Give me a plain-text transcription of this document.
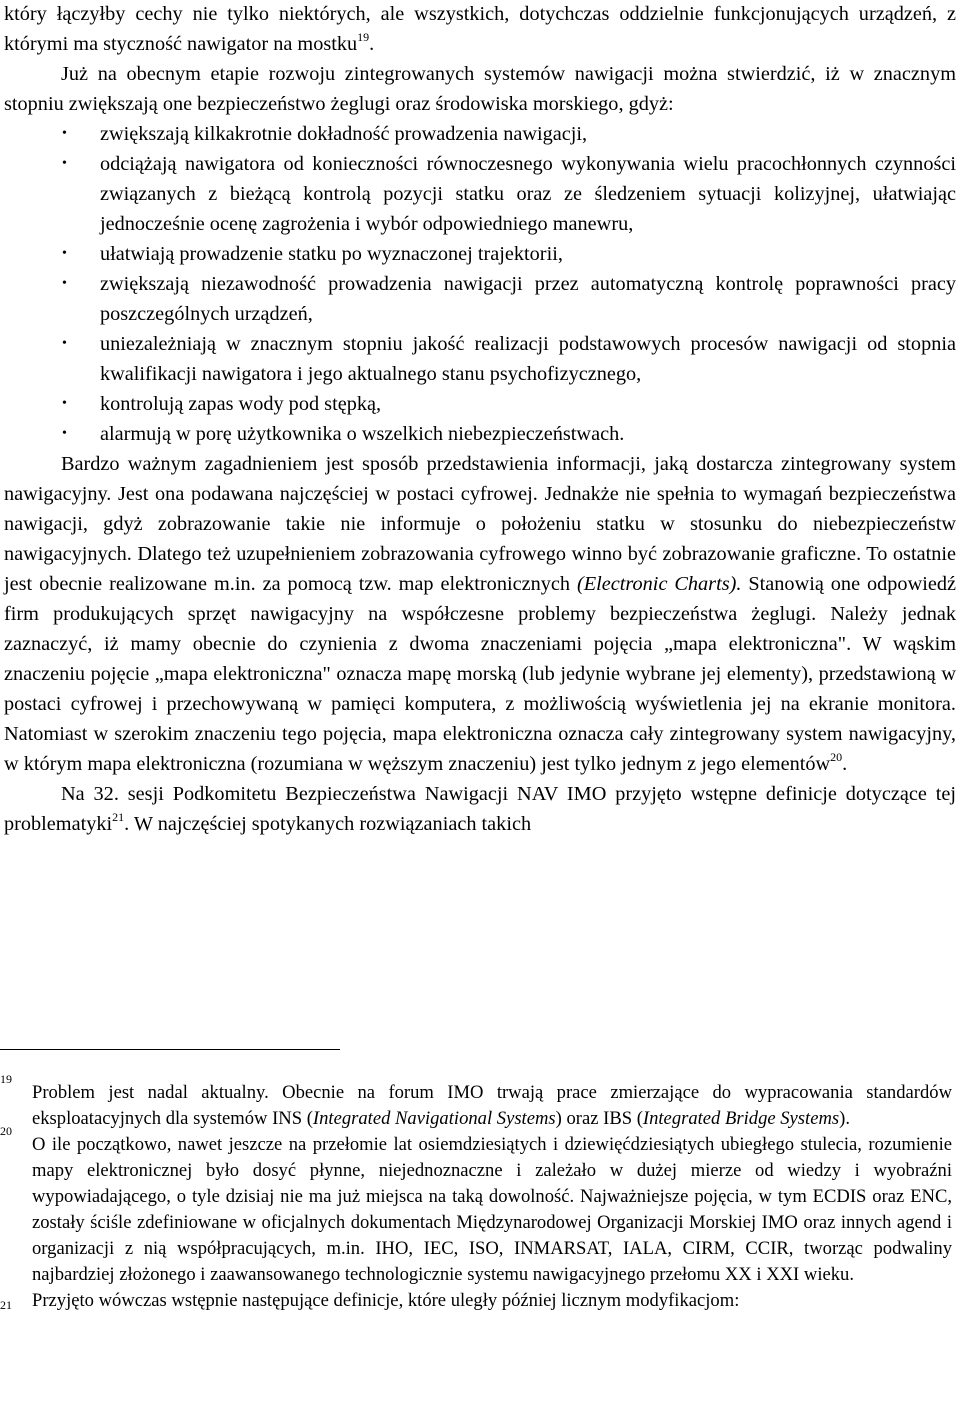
który łączyłby cechy nie tylko niektórych, ale wszystkich, dotychczas oddzielnie funkcjonujących urządzeń, z którymi ma styczność nawigator na mostku$^{19}$.

Już na obecnym etapie rozwoju zintegrowanych systemów nawigacji można stwierdzić, iż w znacznym stopniu zwiększają one bezpieczeństwo żeglugi oraz środowiska morskiego, gdyż:

• zwiększają kilkakrotnie dokładność prowadzenia nawigacji,
• odciążają nawigatora od konieczności równoczesnego wykonywania wielu pracochłonnych czynności związanych z bieżącą kontrolą pozycji statku oraz ze śledzeniem sytuacji kolizyjnej, ułatwiając jednocześnie ocenę zagrożenia i wybór odpowiedniego manewru,
• ułatwiają prowadzenie statku po wyznaczonej trajektorii,
• zwiększają niezawodność prowadzenia nawigacji przez automatyczną kontrolę poprawności pracy poszczególnych urządzeń,
• uniezależniają w znacznym stopniu jakość realizacji podstawowych procesów nawigacji od stopnia kwalifikacji nawigatora i jego aktualnego stanu psychofizycznego,
• kontrolują zapas wody pod stępką,
• alarmują w porę użytkownika o wszelkich niebezpieczeństwach.

Bardzo ważnym zagadnieniem jest sposób przedstawienia informacji, jaką dostarcza zintegrowany system nawigacyjny. Jest ona podawana najczęściej w postaci cyfrowej. Jednakże nie spełnia to wymagań bezpieczeństwa nawigacji, gdyż zobrazowanie takie nie informuje o położeniu statku w stosunku do niebezpieczeństw nawigacyjnych. Dlatego też uzupełnieniem zobrazowania cyfrowego winno być zobrazowanie graficzne. To ostatnie jest obecnie realizowane m.in. za pomocą tzw. map elektronicznych (Electronic Charts). Stanowią one odpowiedź firm produkujących sprzęt nawigacyjny na współczesne problemy bezpieczeństwa żeglugi. Należy jednak zaznaczyć, iż mamy obecnie do czynienia z dwoma znaczeniami pojęcia „mapa elektroniczna". W wąskim znaczeniu pojęcie „mapa elektroniczna" oznacza mapę morską (lub jedynie wybrane jej elementy), przedstawioną w postaci cyfrowej i przechowywaną w pamięci komputera, z możliwością wyświetlenia jej na ekranie monitora. Natomiast w szerokim znaczeniu tego pojęcia, mapa elektroniczna oznacza cały zintegrowany system nawigacyjny, w którym mapa elektroniczna (rozumiana w węższym znaczeniu) jest tylko jednym z jego elementów$^{20}$.

Na 32. sesji Podkomitetu Bezpieczeństwa Nawigacji NAV IMO przyjęto wstępne definicje dotyczące tej problematyki$^{21}$. W najczęściej spotykanych rozwiązaniach takich

19
Problem jest nadal aktualny. Obecnie na forum IMO trwają prace zmierzające do wypracowania standardów eksploatacyjnych dla systemów INS (Integrated Navigational Systems) oraz IBS (Integrated Bridge Systems).

20
O ile początkowo, nawet jeszcze na przełomie lat osiemdziesiątych i dziewięćdziesiątych ubiegłego stulecia, rozumienie mapy elektronicznej było dosyć płynne, niejednoznaczne i zależało w dużej mierze od wiedzy i wyobraźni wypowiadającego, o tyle dzisiaj nie ma już miejsca na taką dowolność. Najważniejsze pojęcia, w tym ECDIS oraz ENC, zostały ściśle zdefiniowane w oficjalnych dokumentach Międzynarodowej Organizacji Morskiej IMO oraz innych agend i organizacji z nią współpracujących, m.in. IHO, IEC, ISO, INMARSAT, IALA, CIRM, CCIR, tworząc podwaliny najbardziej złożonego i zaawansowanego technologicznie systemu nawigacyjnego przełomu XX i XXI wieku.

21 Przyjęto wówczas wstępnie następujące definicje, które uległy później licznym modyfikacjom:
